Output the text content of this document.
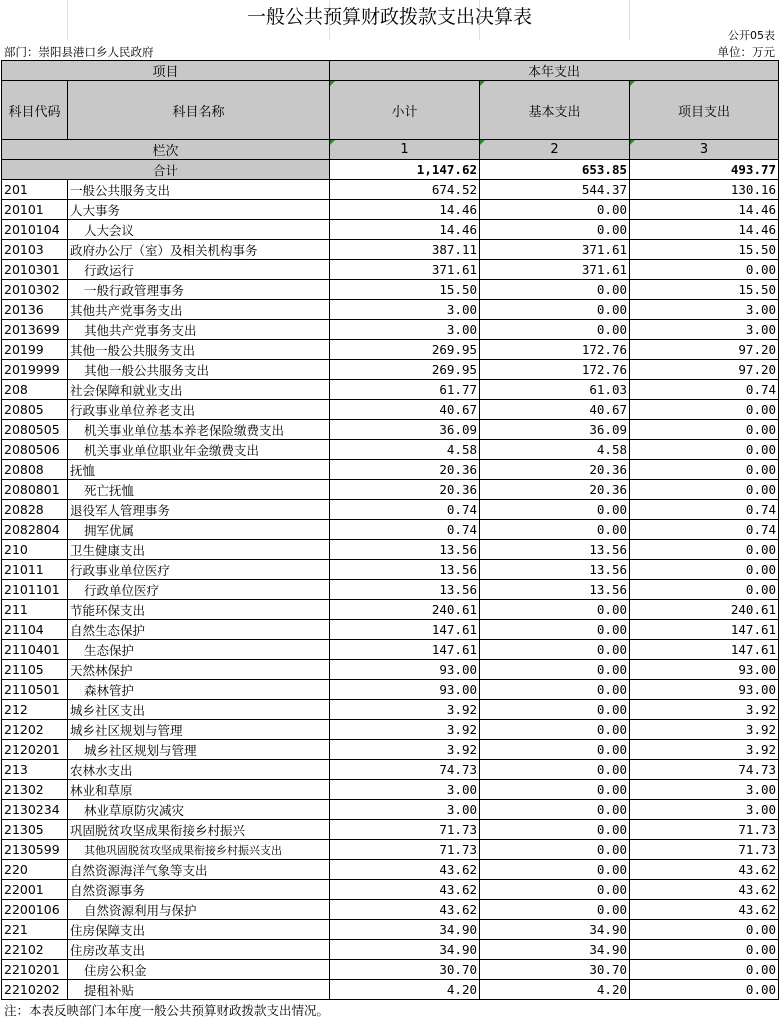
一般公共预算财政拨款支出决算表
公开05表
部门：崇阳县港口乡人民政府	单位：万元
项目		本年支出		
科目代码	科目名称	小计	基本支出	项目支出
栏次		1	2	3
合计		1,147.62	653.85	493.77
201	一般公共服务支出	674.52	544.37	130.16
20101	人大事务	14.46	0.00	14.46
2010104	人大会议	14.46	0.00	14.46
20103	政府办公厅（室）及相关机构事务	387.11	371.61	15.50
2010301	行政运行	371.61	371.61	0.00
2010302	一般行政管理事务	15.50	0.00	15.50
20136	其他共产党事务支出	3.00	0.00	3.00
2013699	其他共产党事务支出	3.00	0.00	3.00
20199	其他一般公共服务支出	269.95	172.76	97.20
2019999	其他一般公共服务支出	269.95	172.76	97.20
208	社会保障和就业支出	61.77	61.03	0.74
20805	行政事业单位养老支出	40.67	40.67	0.00
2080505	机关事业单位基本养老保险缴费支出	36.09	36.09	0.00
2080506	机关事业单位职业年金缴费支出	4.58	4.58	0.00
20808	抚恤	20.36	20.36	0.00
2080801	死亡抚恤	20.36	20.36	0.00
20828	退役军人管理事务	0.74	0.00	0.74
2082804	拥军优属	0.74	0.00	0.74
210	卫生健康支出	13.56	13.56	0.00
21011	行政事业单位医疗	13.56	13.56	0.00
2101101	行政单位医疗	13.56	13.56	0.00
211	节能环保支出	240.61	0.00	240.61
21104	自然生态保护	147.61	0.00	147.61
2110401	生态保护	147.61	0.00	147.61
21105	天然林保护	93.00	0.00	93.00
2110501	森林管护	93.00	0.00	93.00
212	城乡社区支出	3.92	0.00	3.92
21202	城乡社区规划与管理	3.92	0.00	3.92
2120201	城乡社区规划与管理	3.92	0.00	3.92
213	农林水支出	74.73	0.00	74.73
21302	林业和草原	3.00	0.00	3.00
2130234	林业草原防灾减灾	3.00	0.00	3.00
21305	巩固脱贫攻坚成果衔接乡村振兴	71.73	0.00	71.73
2130599	其他巩固脱贫攻坚成果衔接乡村振兴支出	71.73	0.00	71.73
220	自然资源海洋气象等支出	43.62	0.00	43.62
22001	自然资源事务	43.62	0.00	43.62
2200106	自然资源利用与保护	43.62	0.00	43.62
221	住房保障支出	34.90	34.90	0.00
22102	住房改革支出	34.90	34.90	0.00
2210201	住房公积金	30.70	30.70	0.00
2210202	提租补贴	4.20	4.20	0.00
注：本表反映部门本年度一般公共预算财政拨款支出情况。
